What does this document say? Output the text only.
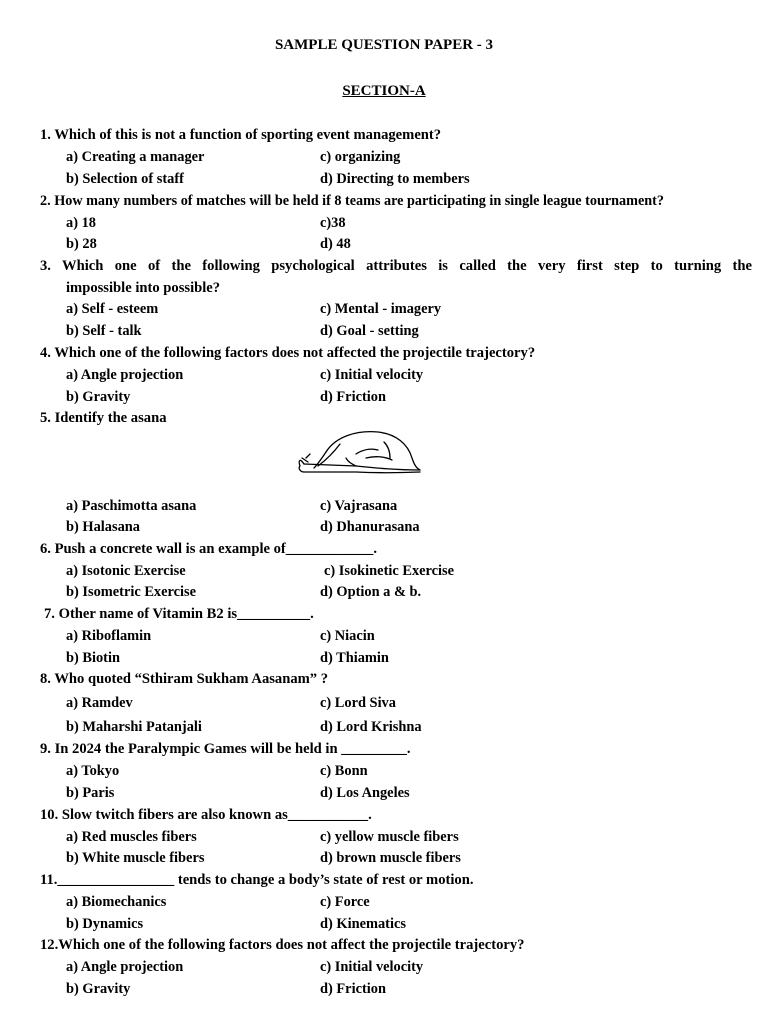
SAMPLE QUESTION PAPER - 3
SECTION-A
1. Which of this is not a function of sporting event management?
a) Creating a manager	c) organizing
b) Selection of staff	d) Directing to members
2. How many numbers of matches will be held if 8 teams are participating in single league tournament?
a) 18	c)38
b) 28	d) 48
3. Which one of the following psychological attributes is called the very first step to turning the
impossible into possible?
a) Self - esteem	c) Mental - imagery
b) Self - talk	d) Goal - setting
4. Which one of the following factors does not affected the projectile trajectory?
a) Angle projection	c) Initial velocity
b) Gravity	d) Friction
5. Identify the asana
a) Paschimotta asana	c) Vajrasana
b) Halasana	d) Dhanurasana
6. Push a concrete wall is an example of____________.
a) Isotonic Exercise	c) Isokinetic Exercise
b) Isometric Exercise	d) Option a & b.
7. Other name of Vitamin B2 is__________.
a) Riboflamin	c) Niacin
b) Biotin	d) Thiamin
8. Who quoted “Sthiram Sukham Aasanam” ?
a) Ramdev	c) Lord Siva
b) Maharshi Patanjali	d) Lord Krishna
9. In 2024 the Paralympic Games will be held in _________.
a) Tokyo	c) Bonn
b) Paris	d) Los Angeles
10. Slow twitch fibers are also known as___________.
a) Red muscles fibers	c) yellow muscle fibers
b) White muscle fibers	d) brown muscle fibers
11.________________ tends to change a body’s state of rest or motion.
a) Biomechanics	c) Force
b) Dynamics	d) Kinematics
12.Which one of the following factors does not affect the projectile trajectory?
a) Angle projection	c) Initial velocity
b) Gravity	d) Friction
